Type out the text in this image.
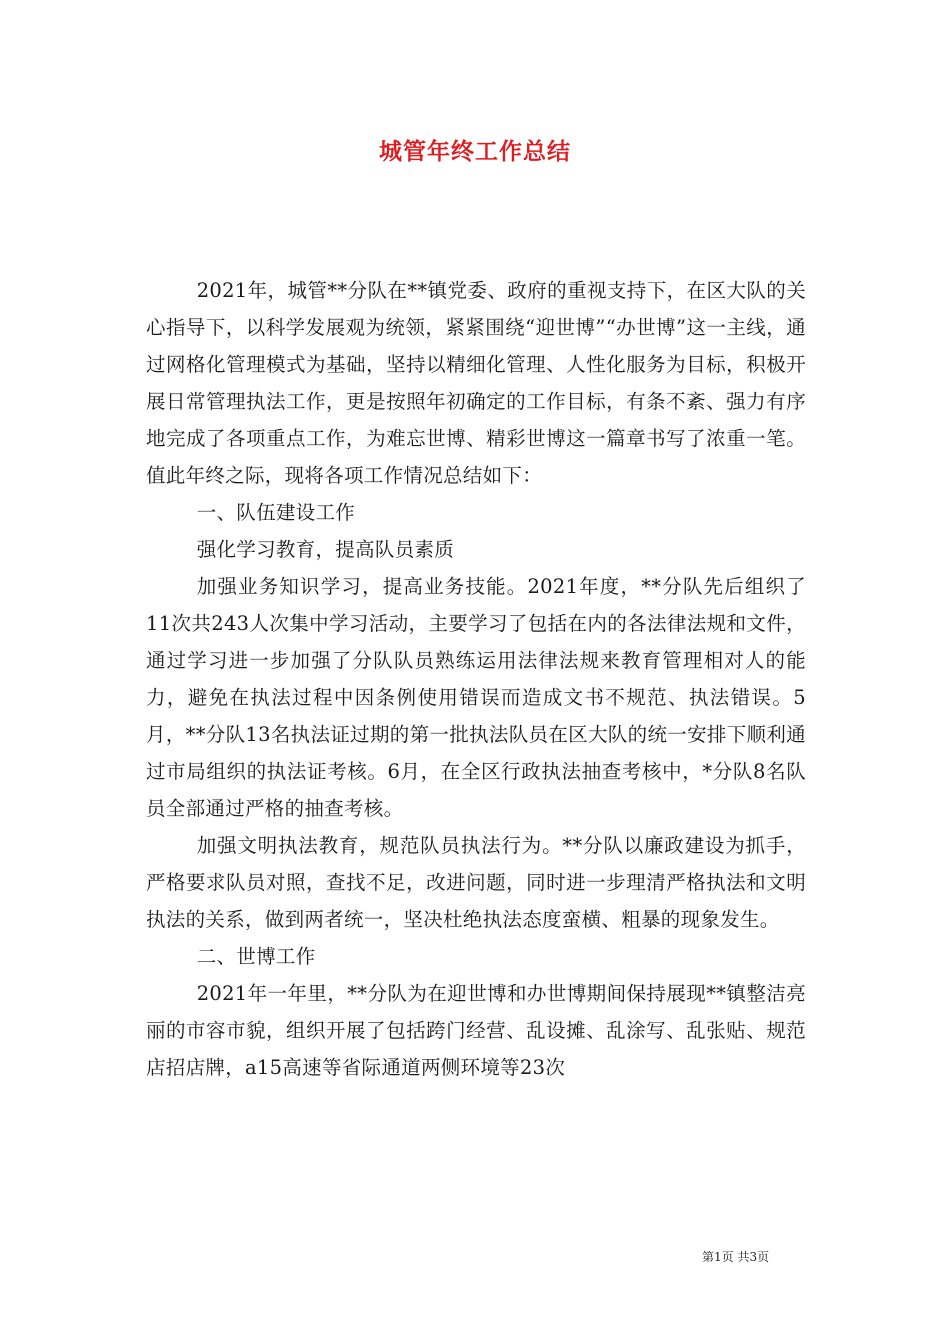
城管年终工作总结

2021年，城管**分队在**镇党委、政府的重视支持下，在区大队的关心指导下，以科学发展观为统领，紧紧围绕“迎世博”“办世博”这一主线，通过网格化管理模式为基础，坚持以精细化管理、人性化服务为目标，积极开展日常管理执法工作，更是按照年初确定的工作目标，有条不紊、强力有序地完成了各项重点工作，为难忘世博、精彩世博这一篇章书写了浓重一笔。值此年终之际，现将各项工作情况总结如下：

一、队伍建设工作

强化学习教育，提高队员素质

加强业务知识学习，提高业务技能。2021年度，**分队先后组织了11次共243人次集中学习活动，主要学习了包括在内的各法律法规和文件，通过学习进一步加强了分队队员熟练运用法律法规来教育管理相对人的能力，避免在执法过程中因条例使用错误而造成文书不规范、执法错误。5月，**分队13名执法证过期的第一批执法队员在区大队的统一安排下顺利通过市局组织的执法证考核。6月，在全区行政执法抽查考核中，*分队8名队员全部通过严格的抽查考核。

加强文明执法教育，规范队员执法行为。**分队以廉政建设为抓手，严格要求队员对照，查找不足，改进问题，同时进一步理清严格执法和文明执法的关系，做到两者统一，坚决杜绝执法态度蛮横、粗暴的现象发生。

二、世博工作

2021年一年里，**分队为在迎世博和办世博期间保持展现**镇整洁亮丽的市容市貌，组织开展了包括跨门经营、乱设摊、乱涂写、乱张贴、规范店招店牌，a15高速等省际通道两侧环境等23次

第1页 共3页
